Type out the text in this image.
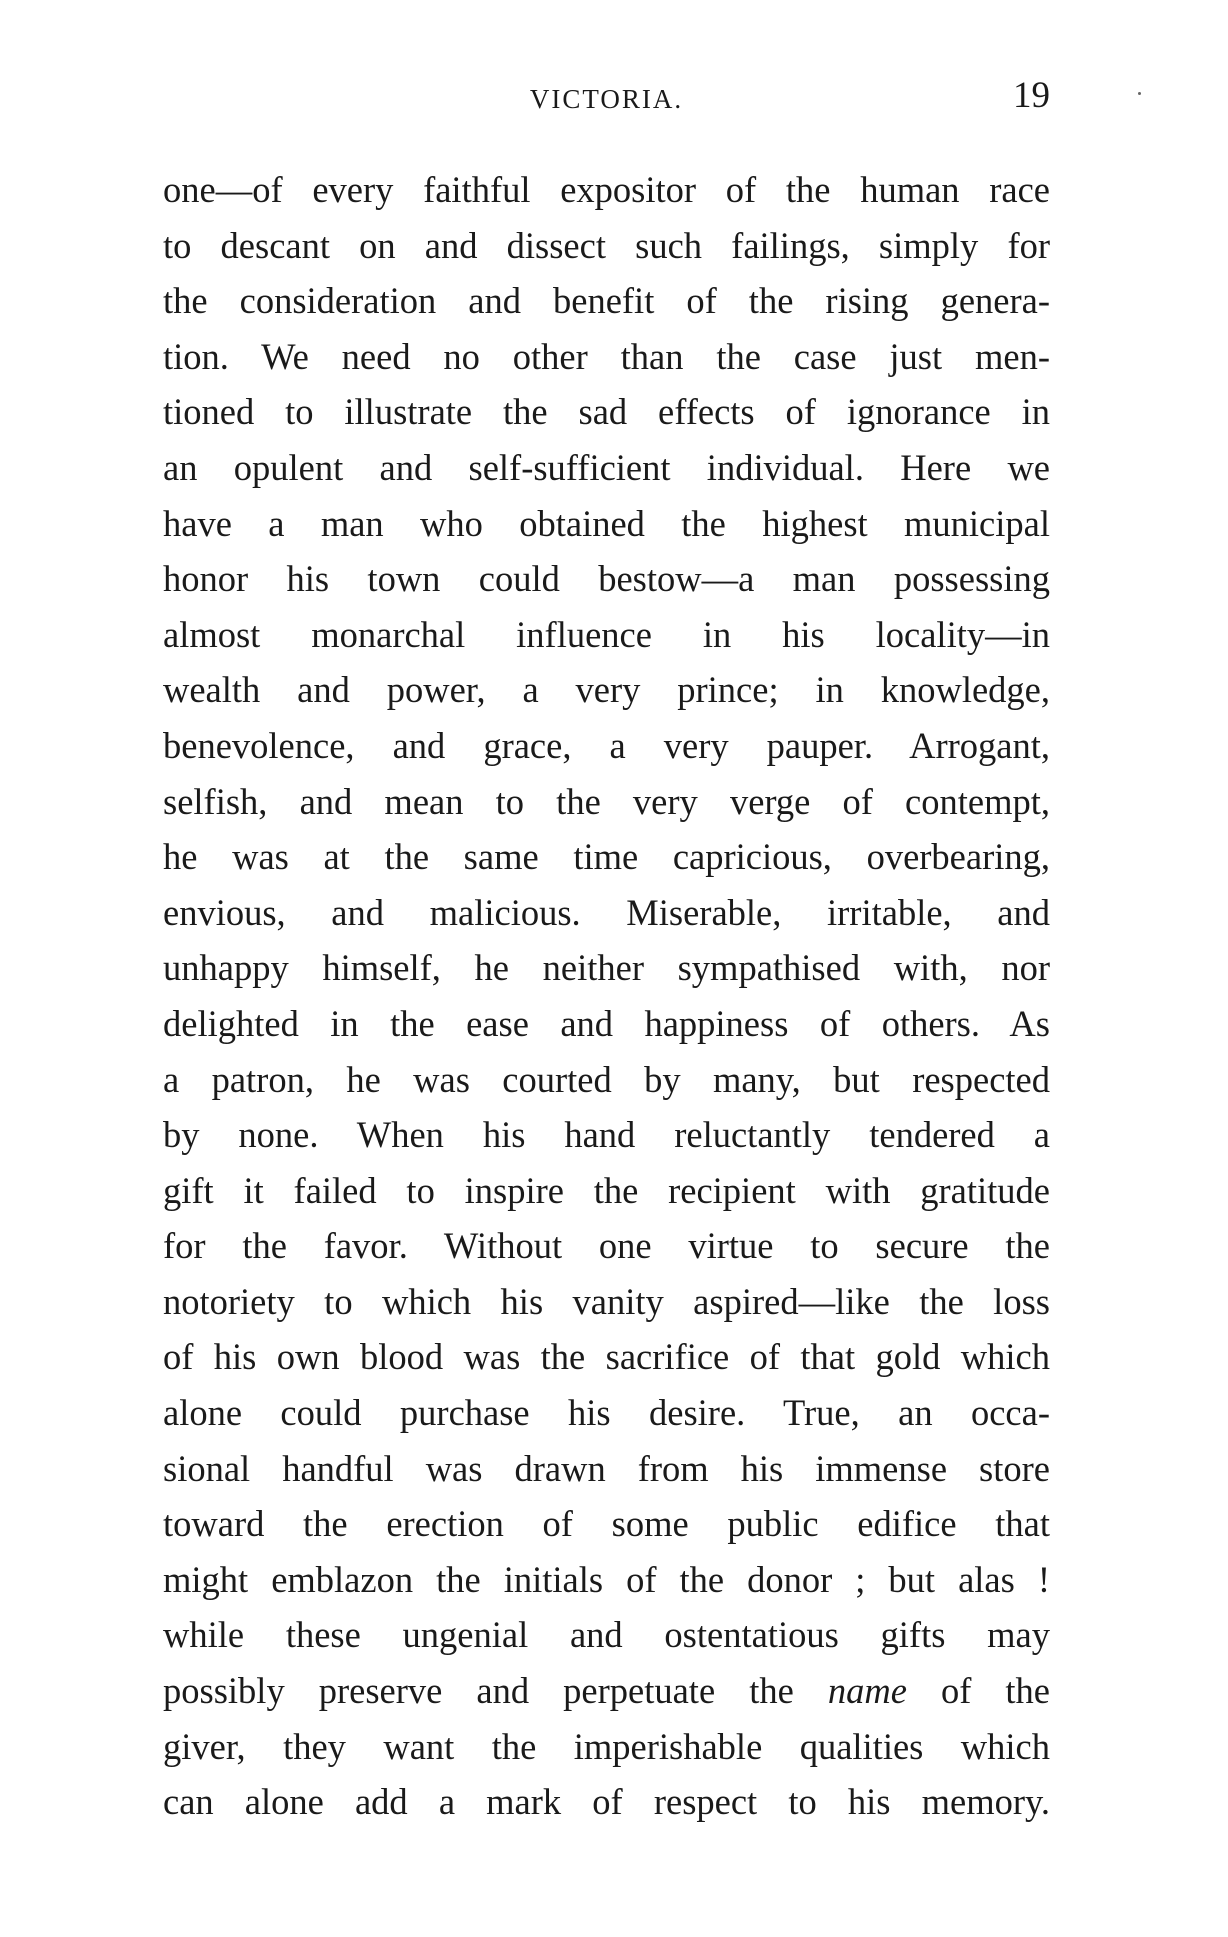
VICTORIA.	19
one—of every faithful expositor of the human race
to descant on and dissect such failings, simply for
the consideration and benefit of the rising genera-
tion. We need no other than the case just men-
tioned to illustrate the sad effects of ignorance in
an opulent and self-sufficient individual. Here we
have a man who obtained the highest municipal
honor his town could bestow—a man possessing
almost monarchal influence in his locality—in
wealth and power, a very prince; in knowledge,
benevolence, and grace, a very pauper. Arrogant,
selfish, and mean to the very verge of contempt,
he was at the same time capricious, overbearing,
envious, and malicious. Miserable, irritable, and
unhappy himself, he neither sympathised with, nor
delighted in the ease and happiness of others. As
a patron, he was courted by many, but respected
by none. When his hand reluctantly tendered a
gift it failed to inspire the recipient with gratitude
for the favor. Without one virtue to secure the
notoriety to which his vanity aspired—like the loss
of his own blood was the sacrifice of that gold which
alone could purchase his desire. True, an occa-
sional handful was drawn from his immense store
toward the erection of some public edifice that
might emblazon the initials of the donor ; but alas !
while these ungenial and ostentatious gifts may
possibly preserve and perpetuate the name of the
giver, they want the imperishable qualities which
can alone add a mark of respect to his memory.
